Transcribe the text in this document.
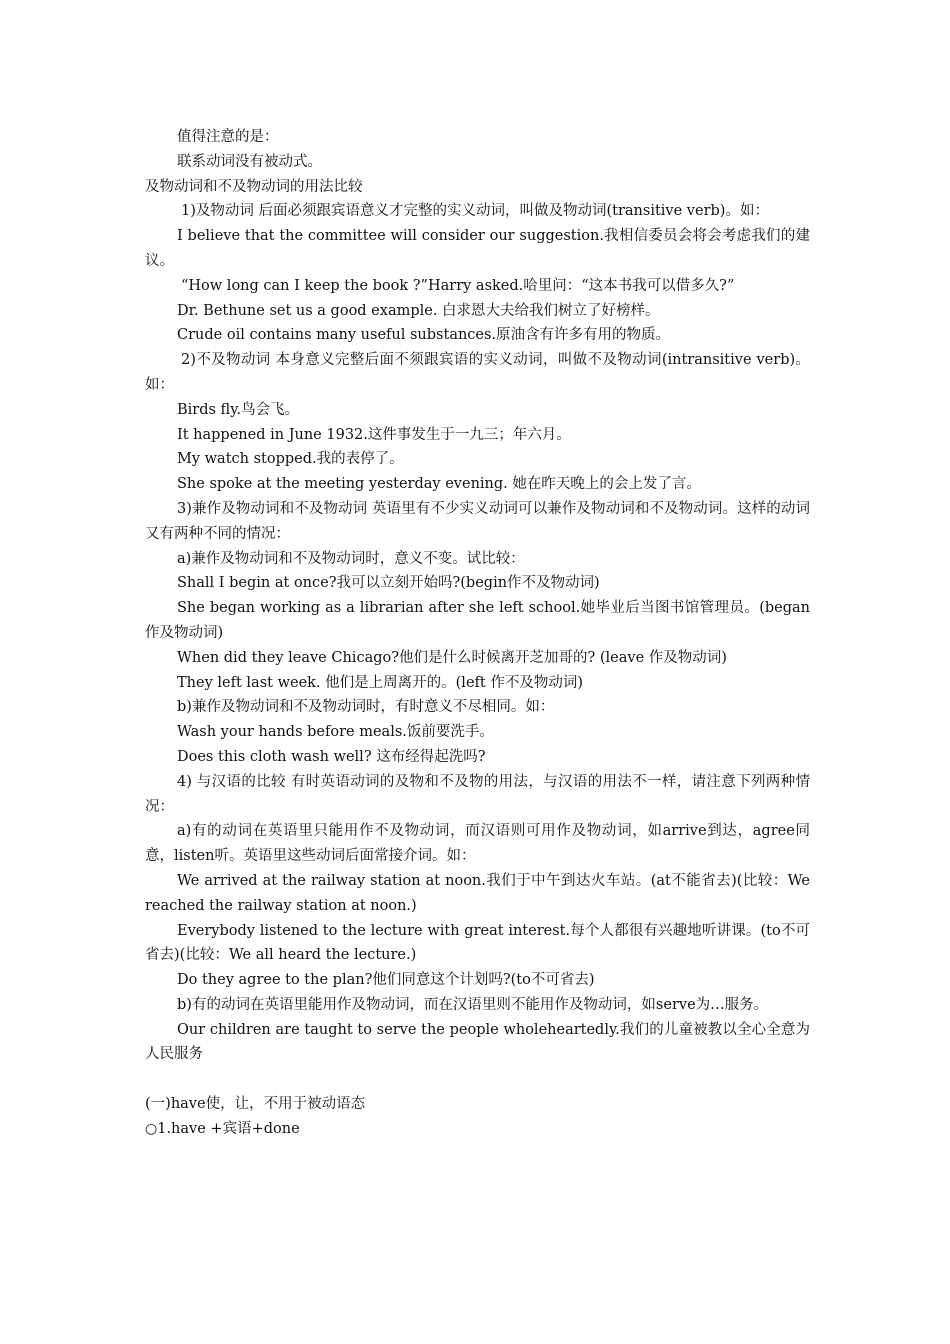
值得注意的是：

联系动词没有被动式。

及物动词和不及物动词的用法比较

1)及物动词 后面必须跟宾语意义才完整的实义动词，叫做及物动词(transitive verb)。如：

I believe that the committee will consider our suggestion.我相信委员会将会考虑我们的建议。

“How long can I keep the book ?”Harry asked.哈里问：“这本书我可以借多久?”

Dr. Bethune set us a good example. 白求恩大夫给我们树立了好榜样。

Crude oil contains many useful substances.原油含有许多有用的物质。

2)不及物动词 本身意义完整后面不须跟宾语的实义动词，叫做不及物动词(intransitive verb)。如：

Birds fly.鸟会飞。

It happened in June 1932.这件事发生于一九三；年六月。

My watch stopped.我的表停了。

She spoke at the meeting yesterday evening. 她在昨天晚上的会上发了言。

3)兼作及物动词和不及物动词 英语里有不少实义动词可以兼作及物动词和不及物动词。这样的动词又有两种不同的情况：

a)兼作及物动词和不及物动词时，意义不变。试比较：

Shall I begin at once?我可以立刻开始吗?(begin作不及物动词)

She began working as a librarian after she left school.她毕业后当图书馆管理员。(began作及物动词)

When did they leave Chicago?他们是什么时候离开芝加哥的? (leave 作及物动词)

They left last week. 他们是上周离开的。(left 作不及物动词)

b)兼作及物动词和不及物动词时，有时意义不尽相同。如：

Wash your hands before meals.饭前要洗手。

Does this cloth wash well? 这布经得起洗吗?

4) 与汉语的比较 有时英语动词的及物和不及物的用法，与汉语的用法不一样，请注意下列两种情况：

a)有的动词在英语里只能用作不及物动词，而汉语则可用作及物动词，如arrive到达，agree同意，listen听。英语里这些动词后面常接介词。如：

We arrived at the railway station at noon.我们于中午到达火车站。(at不能省去)(比较：We reached the railway station at noon.)

Everybody listened to the lecture with great interest.每个人都很有兴趣地听讲课。(to不可省去)(比较：We all heard the lecture.)

Do they agree to the plan?他们同意这个计划吗?(to不可省去)

b)有的动词在英语里能用作及物动词，而在汉语里则不能用作及物动词，如serve为…服务。

Our children are taught to serve the people wholeheartedly.我们的儿童被教以全心全意为人民服务

(一)have使，让，不用于被动语态

○1.have +宾语+done
